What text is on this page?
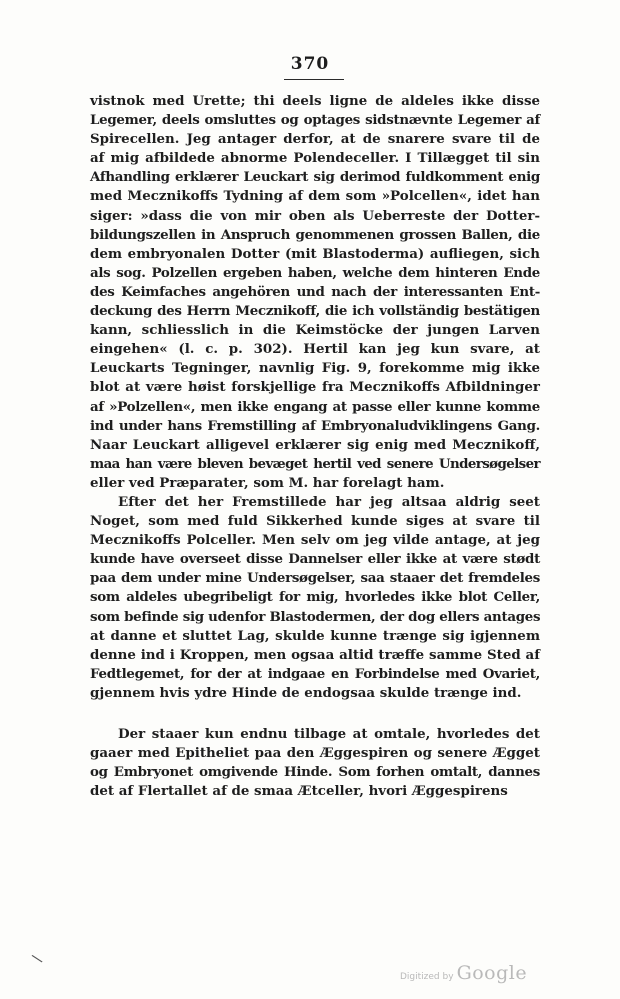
370
vistnok med Urette; thi deels ligne de aldeles ikke disse
Legemer, deels omsluttes og optages sidstnævnte Legemer af
Spirecellen. Jeg antager derfor, at de snarere svare til de
af mig afbildede abnorme Polendeceller. I Tillægget til sin
Afhandling erklærer Leuckart sig derimod fuldkomment enig
med Mecznikoffs Tydning af dem som »Polcellen«, idet han
siger: »dass die von mir oben als Ueberreste der Dotter-
bildungszellen in Anspruch genommenen grossen Ballen, die
dem embryonalen Dotter (mit Blastoderma) aufliegen, sich
als sog. Polzellen ergeben haben, welche dem hinteren Ende
des Keimfaches angehören und nach der interessanten Ent-
deckung des Herrn Mecznikoff, die ich vollständig bestätigen
kann, schliesslich in die Keimstöcke der jungen Larven
eingehen« (l. c. p. 302). Hertil kan jeg kun svare, at
Leuckarts Tegninger, navnlig Fig. 9, forekomme mig ikke
blot at være høist forskjellige fra Mecznikoffs Afbildninger
af »Polzellen«, men ikke engang at passe eller kunne komme
ind under hans Fremstilling af Embryonaludviklingens Gang.
Naar Leuckart alligevel erklærer sig enig med Mecznikoff,
maa han være bleven bevæget hertil ved senere Undersøgelser
eller ved Præparater, som M. har forelagt ham.
Efter det her Fremstillede har jeg altsaa aldrig seet
Noget, som med fuld Sikkerhed kunde siges at svare til
Mecznikoffs Polceller. Men selv om jeg vilde antage, at jeg
kunde have overseet disse Dannelser eller ikke at være stødt
paa dem under mine Undersøgelser, saa staaer det fremdeles
som aldeles ubegribeligt for mig, hvorledes ikke blot Celler,
som befinde sig udenfor Blastodermen, der dog ellers antages
at danne et sluttet Lag, skulde kunne trænge sig igjennem
denne ind i Kroppen, men ogsaa altid træffe samme Sted af
Fedtlegemet, for der at indgaae en Forbindelse med Ovariet,
gjennem hvis ydre Hinde de endogsaa skulde trænge ind.
Der staaer kun endnu tilbage at omtale, hvorledes det
gaaer med Epitheliet paa den Æggespiren og senere Ægget
og Embryonet omgivende Hinde. Som forhen omtalt, dannes
det af Flertallet af de smaa Ætceller, hvori Æggespirens
\
Digitized by Google
